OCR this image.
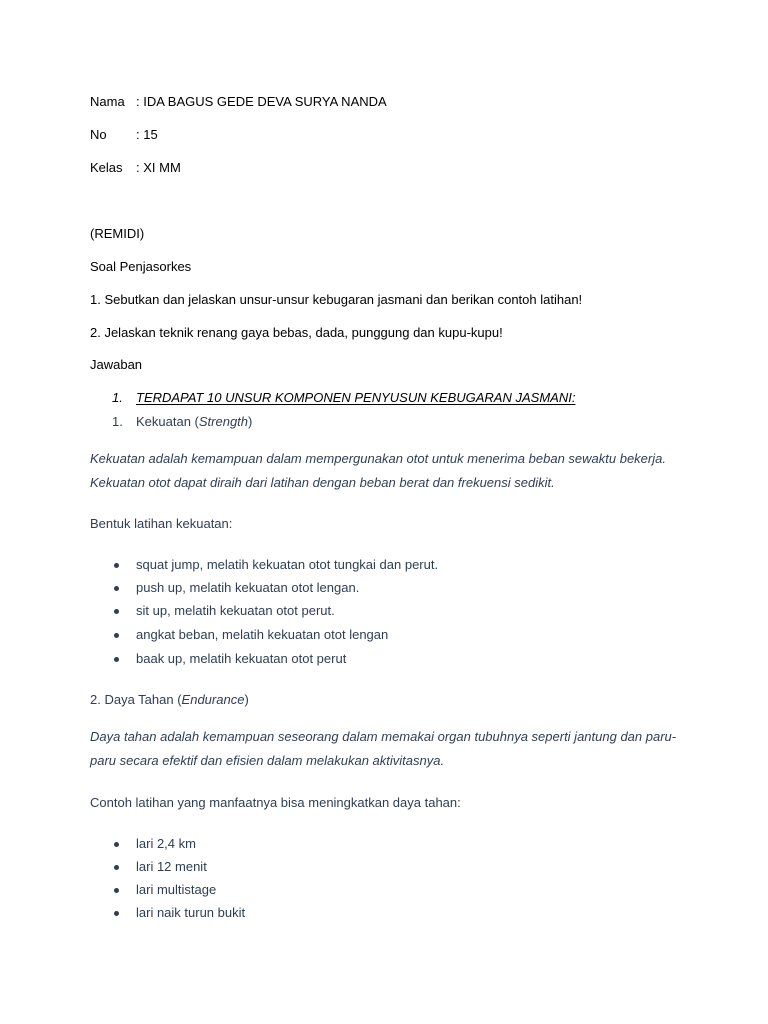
Nama : IDA BAGUS GEDE DEVA SURYA NANDA
No : 15
Kelas : XI MM
(REMIDI)
Soal Penjasorkes
1. Sebutkan dan jelaskan unsur-unsur kebugaran jasmani dan berikan contoh latihan!
2. Jelaskan teknik renang gaya bebas, dada, punggung dan kupu-kupu!
Jawaban
1. TERDAPAT 10 UNSUR KOMPONEN PENYUSUN KEBUGARAN JASMANI:
1. Kekuatan (Strength)
Kekuatan adalah kemampuan dalam mempergunakan otot untuk menerima beban sewaktu bekerja.
Kekuatan otot dapat diraih dari latihan dengan beban berat dan frekuensi sedikit.
Bentuk latihan kekuatan:
squat jump, melatih kekuatan otot tungkai dan perut.
push up, melatih kekuatan otot lengan.
sit up, melatih kekuatan otot perut.
angkat beban, melatih kekuatan otot lengan
baak up, melatih kekuatan otot perut
2. Daya Tahan (Endurance)
Daya tahan adalah kemampuan seseorang dalam memakai organ tubuhnya seperti jantung dan paru-
paru secara efektif dan efisien dalam melakukan aktivitasnya.
Contoh latihan yang manfaatnya bisa meningkatkan daya tahan:
lari 2,4 km
lari 12 menit
lari multistage
lari naik turun bukit
